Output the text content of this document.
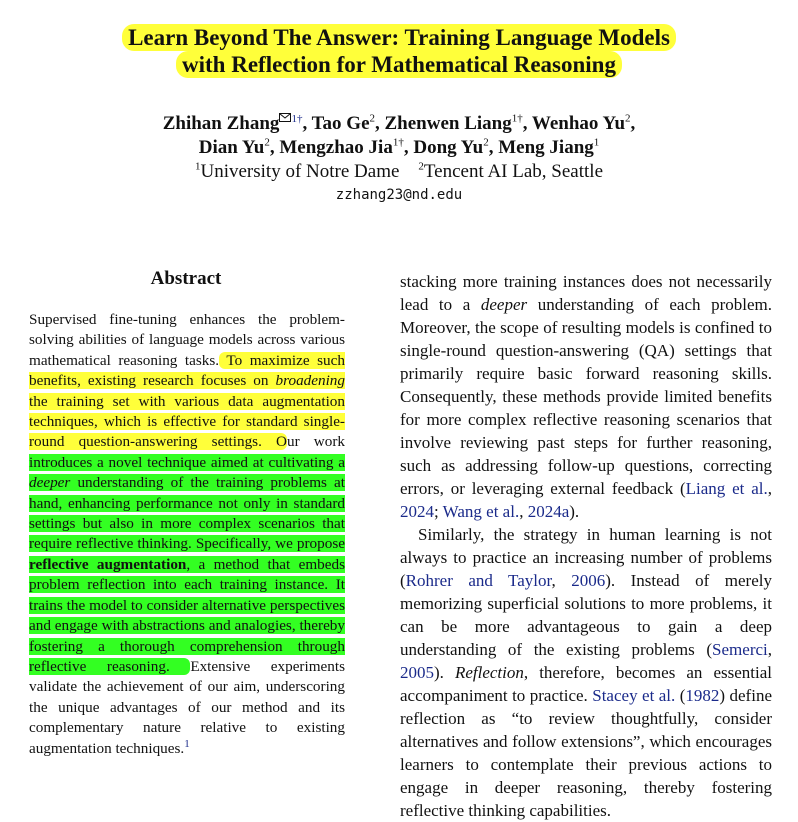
Learn Beyond The Answer: Training Language Models
with Reflection for Mathematical Reasoning
Zhihan Zhang $^{1\dagger}$, Tao Ge$^2$, Zhenwen Liang$^{1\dagger}$, Wenhao Yu$^2$,
Dian Yu$^2$, Mengzhao Jia$^{1\dagger}$, Dong Yu$^2$, Meng Jiang$^1$
$^1$University of Notre Dame $^2$Tencent AI Lab, Seattle
zzhang23@nd.edu
Abstract
Supervised fine-tuning enhances the problem-solving abilities of language models across various mathematical reasoning tasks. To maximize such benefits, existing research focuses on broadening the training set with various data augmentation techniques, which is effective for standard single-round question-answering settings. Our work introduces a novel technique aimed at cultivating a deeper understanding of the training problems at hand, enhancing performance not only in standard settings but also in more complex scenarios that require reflective thinking. Specifically, we propose reflective augmentation, a method that embeds problem reflection into each training instance. It trains the model to consider alternative perspectives and engage with abstractions and analogies, thereby fostering a thorough comprehension through reflective reasoning. Extensive experiments validate the achievement of our aim, underscoring the unique advantages of our method and its complementary nature relative to existing augmentation techniques.$^1$

stacking more training instances does not necessarily lead to a deeper understanding of each problem. Moreover, the scope of resulting models is confined to single-round question-answering (QA) settings that primarily require basic forward reasoning skills. Consequently, these methods provide limited benefits for more complex reflective reasoning scenarios that involve reviewing past steps for further reasoning, such as addressing follow-up questions, correcting errors, or leveraging external feedback (Liang et al., 2024; Wang et al., 2024a).

Similarly, the strategy in human learning is not always to practice an increasing number of problems (Rohrer and Taylor, 2006). Instead of merely memorizing superficial solutions to more problems, it can be more advantageous to gain a deep understanding of the existing problems (Semerci, 2005). Reflection, therefore, becomes an essential accompaniment to practice. Stacey et al. (1982) define reflection as “to review thoughtfully, consider alternatives and follow extensions”, which encourages learners to contemplate their previous actions to engage in deeper reasoning, thereby fostering reflective thinking capabilities.
